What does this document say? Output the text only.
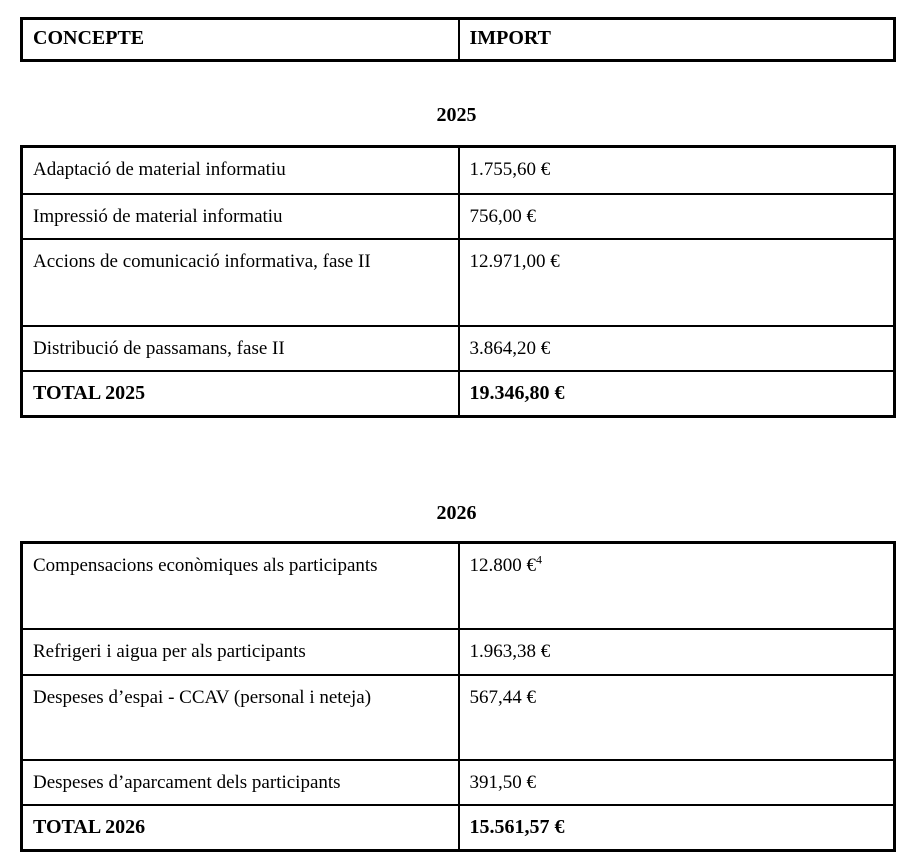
CONCEPTE	IMPORT
2025
Adaptació de material informatiu	1.755,60 €
Impressió de material informatiu	756,00 €
Accions de comunicació informativa, fase II	12.971,00 €
Distribució de passamans, fase II	3.864,20 €
TOTAL 2025	19.346,80 €
2026
Compensacions econòmiques als participants	12.800 €$^4$
Refrigeri i aigua per als participants	1.963,38 €
Despeses d’espai - CCAV (personal i neteja)	567,44 €
Despeses d’aparcament dels participants	391,50 €
TOTAL 2026	15.561,57 €
